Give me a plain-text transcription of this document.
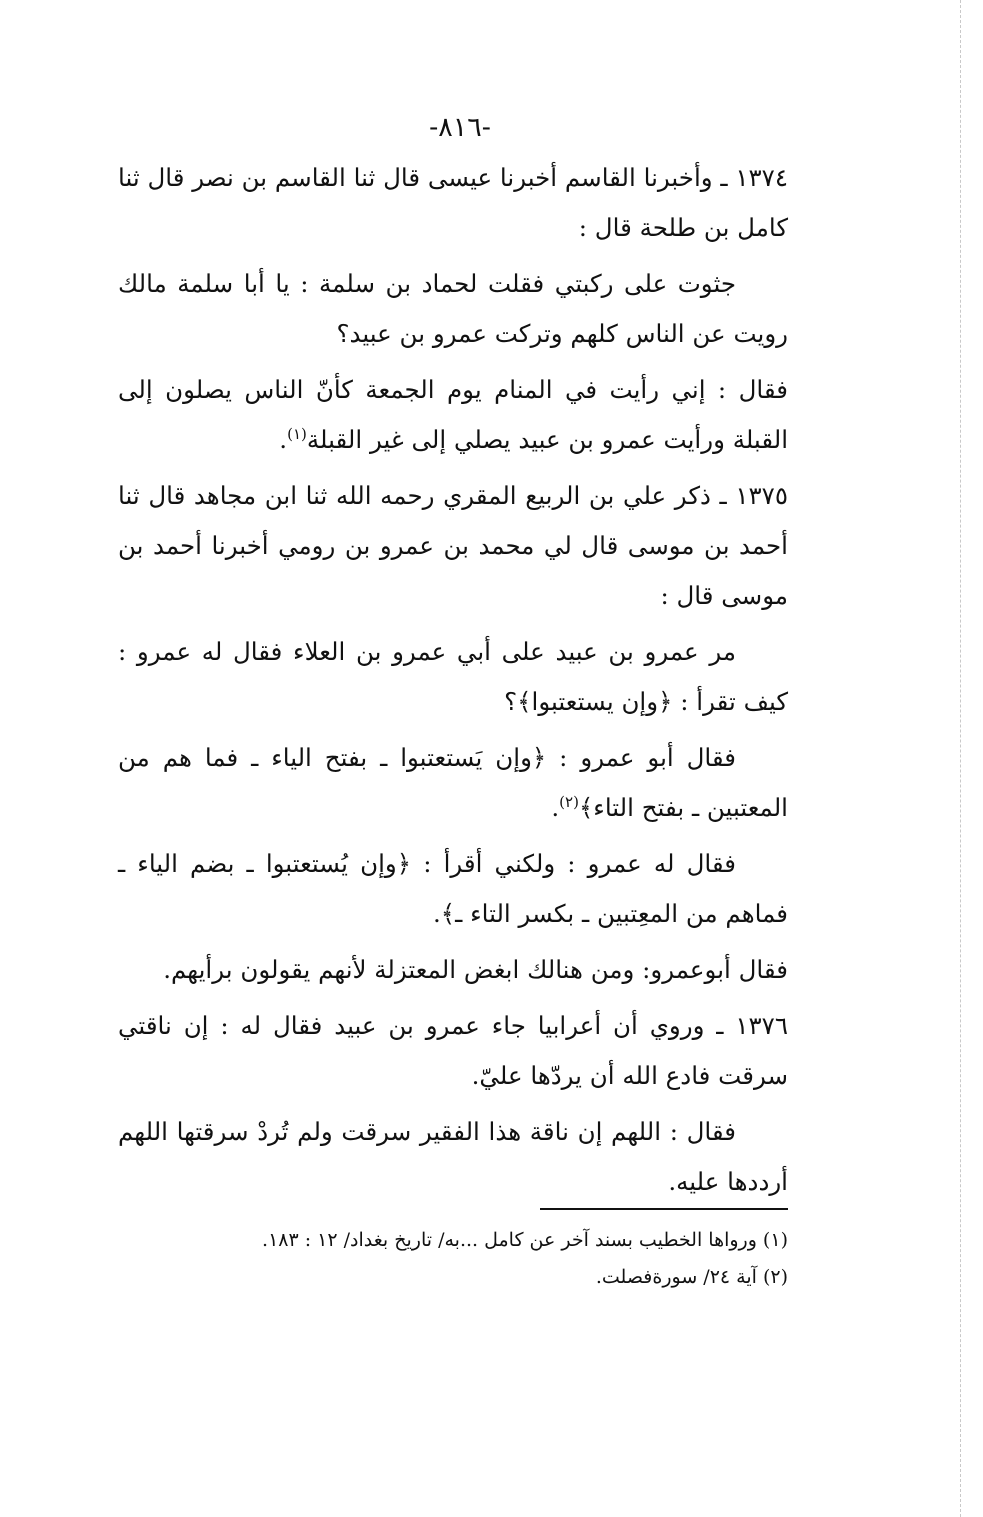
-٨١٦-

١٣٧٤ ـ وأخبرنا القاسم أخبرنا عيسى قال ثنا القاسم بن نصر قال ثنا كامل بن طلحة قال :

جثوت على ركبتي فقلت لحماد بن سلمة : يا أبا سلمة مالك رويت عن الناس كلهم وتركت عمرو بن عبيد؟

فقال : إني رأيت في المنام يوم الجمعة كأنّ الناس يصلون إلى القبلة ورأيت عمرو بن عبيد يصلي إلى غير القبلة$^{(١)}$.

١٣٧٥ ـ ذكر علي بن الربيع المقري رحمه الله ثنا ابن مجاهد قال ثنا أحمد بن موسى قال لي محمد بن عمرو بن رومي أخبرنا أحمد بن موسى قال :

مر عمرو بن عبيد على أبي عمرو بن العلاء فقال له عمرو : كيف تقرأ : ﴿وإن يستعتبوا﴾؟

فقال أبو عمرو : ﴿وإن يَستعتبوا ـ بفتح الياء ـ فما هم من المعتبين ـ بفتح التاء﴾$^{(٢)}$.

فقال له عمرو : ولكني أقرأ : ﴿وإن يُستعتبوا ـ بضم الياء ـ فماهم من المعِتبين ـ بكسر التاء ـ﴾.

فقال أبوعمرو: ومن هنالك ابغض المعتزلة لأنهم يقولون برأيهم.

١٣٧٦ ـ وروي أن أعرابيا جاء عمرو بن عبيد فقال له : إن ناقتي سرقت فادع الله أن يردّها عليّ.

فقال : اللهم إن ناقة هذا الفقير سرقت ولم تُردْ سرقتها اللهم أرددها عليه.

(١) ورواها الخطيب بسند آخر عن كامل ...به/ تاريخ بغداد/ ١٢ : ١٨٣.

(٢) آية ٢٤/ سورةفصلت.
